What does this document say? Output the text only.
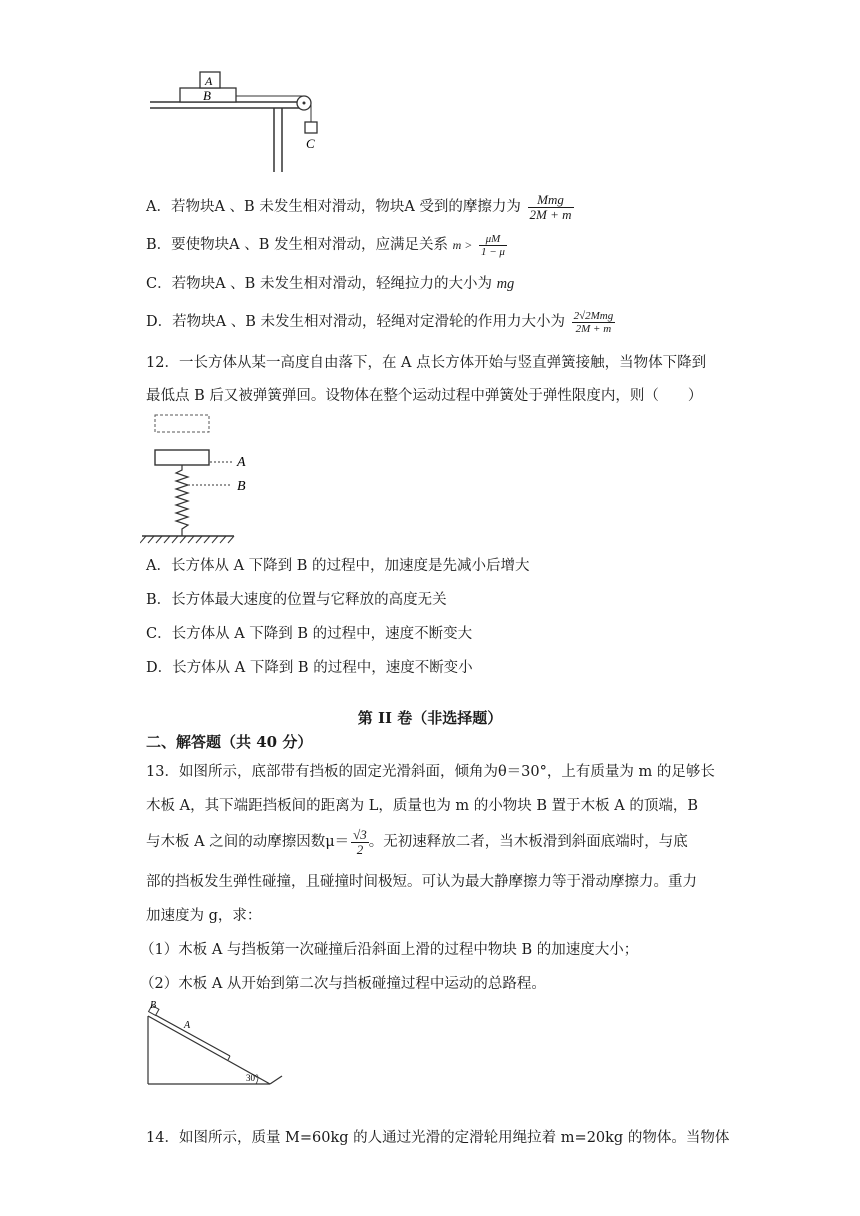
A
B
C
A．若物块A 、B 未发生相对滑动，物块A 受到的摩擦力为 $\frac{\text{Mmg}}{2M + m}$
B．要使物块A 、B 发生相对滑动，应满足关系 $m > \frac{\mu M}{1 - \mu}$
C．若物块A 、B 未发生相对滑动，轻绳拉力的大小为 mg
D．若物块A 、B 未发生相对滑动，轻绳对定滑轮的作用力大小为 $\frac{\text{2√2Mmg}}{2M + m}$
12．一长方体从某一高度自由落下，在 A 点长方体开始与竖直弹簧接触，当物体下降到
最低点 B 后又被弹簧弹回。设物体在整个运动过程中弹簧处于弹性限度内，则（　　）
A
B
A．长方体从 A 下降到 B 的过程中，加速度是先减小后增大
B．长方体最大速度的位置与它释放的高度无关
C．长方体从 A 下降到 B 的过程中，速度不断变大
D．长方体从 A 下降到 B 的过程中，速度不断变小
第 II 卷（非选择题）
二、解答题（共 40 分）
13．如图所示，底部带有挡板的固定光滑斜面，倾角为θ＝30°，上有质量为 m 的足够长
木板 A，其下端距挡板间的距离为 L，质量也为 m 的小物块 B 置于木板 A 的顶端，B
与木板 A 之间的动摩擦因数$\mu= \frac{√3}{2}$ 。无初速释放二者，当木板滑到斜面底端时，与底
部的挡板发生弹性碰撞，且碰撞时间极短。可认为最大静摩擦力等于滑动摩擦力。重力
加速度为 g，求：
（1）木板 A 与挡板第一次碰撞后沿斜面上滑的过程中物块 B 的加速度大小；
（2）木板 A 从开始到第二次与挡板碰撞过程中运动的总路程。
B
A
30°
14．如图所示，质量 M=60kg 的人通过光滑的定滑轮用绳拉着 m=20kg 的物体。当物体
